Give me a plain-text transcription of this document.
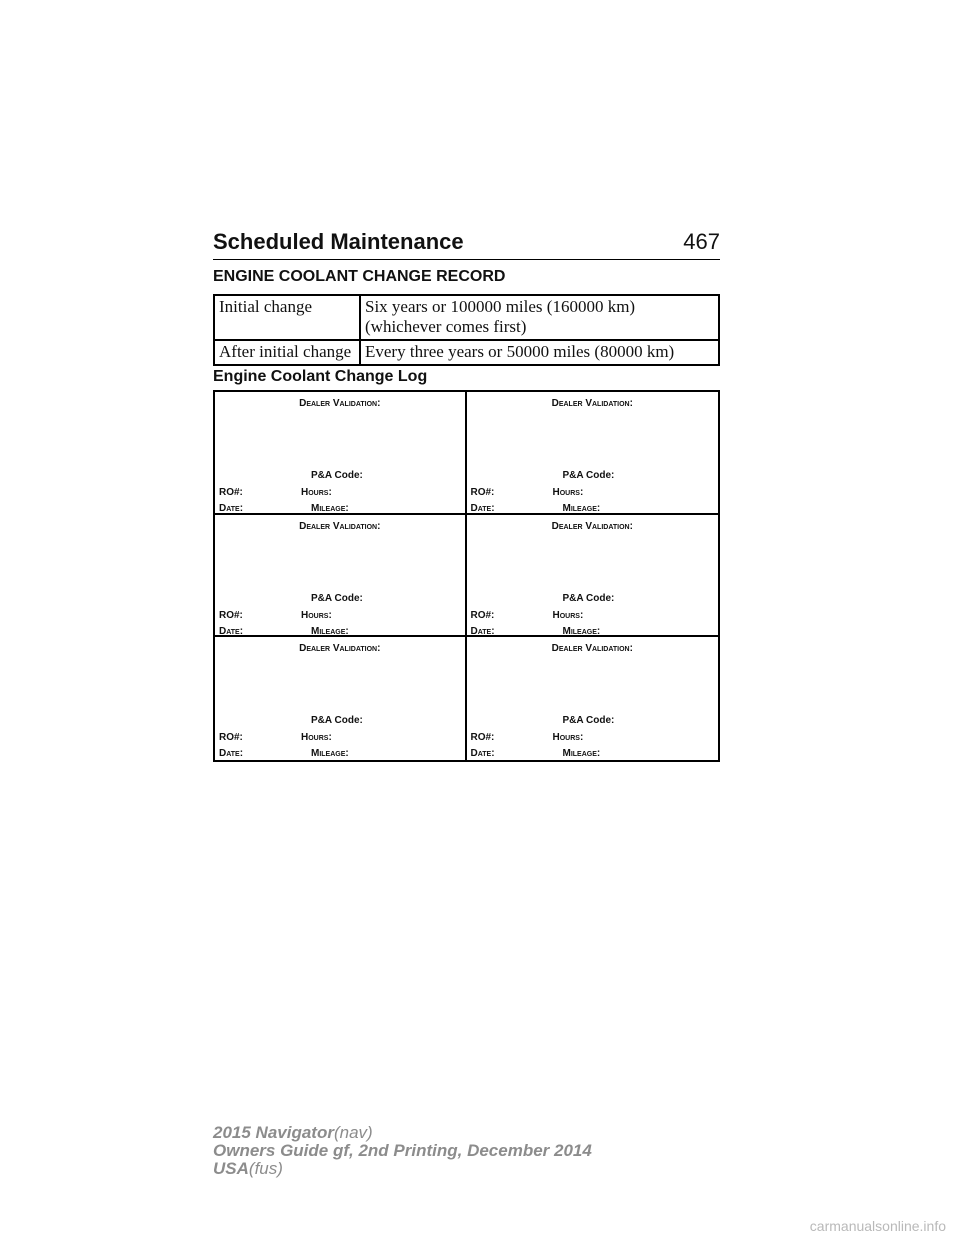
Scheduled Maintenance	467
ENGINE COOLANT CHANGE RECORD
Initial change	Six years or 100000 miles (160000 km)
(whichever comes first)

After initial change	Every three years or 50000 miles (80000 km)
Engine Coolant Change Log
Dealer Validation:
P&A Code:
RO#:	Hours:
Date:	Mileage:
Dealer Validation:
P&A Code:
RO#:	Hours:
Date:	Mileage:
Dealer Validation:
P&A Code:
RO#:	Hours:
Date:	Mileage:
Dealer Validation:
P&A Code:
RO#:	Hours:
Date:	Mileage:
Dealer Validation:
P&A Code:
RO#:	Hours:
Date:	Mileage:
Dealer Validation:
P&A Code:
RO#:	Hours:
Date:	Mileage:
2015 Navigator(nav)
Owners Guide gf, 2nd Printing, December 2014
USA(fus)
carmanualsonline.info
